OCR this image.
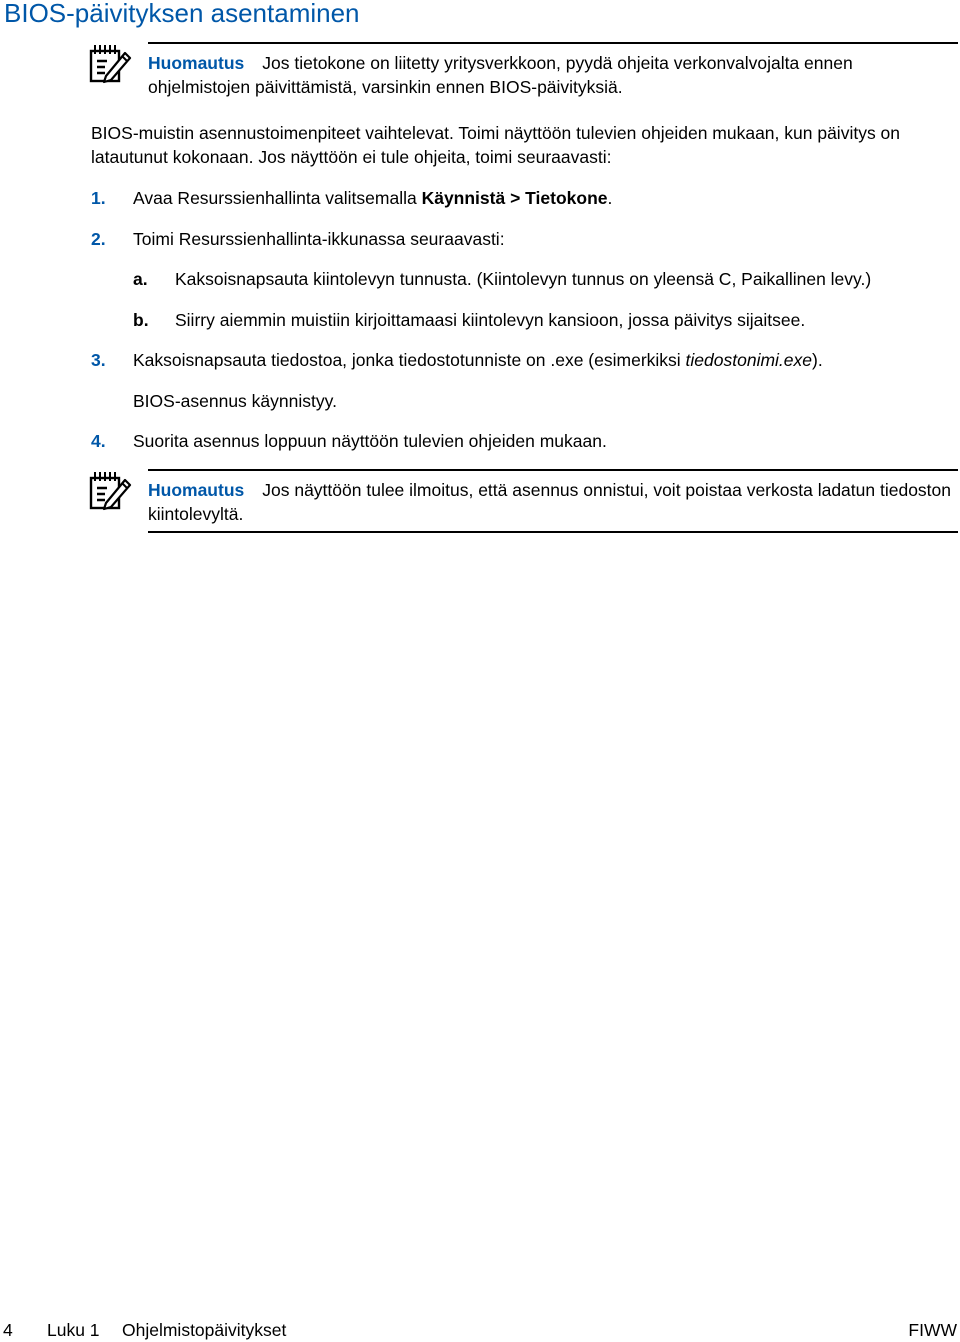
BIOS-päivityksen asentaminen
Huomautus Jos tietokone on liitetty yritysverkkoon, pyydä ohjeita verkonvalvojalta ennen ohjelmistojen päivittämistä, varsinkin ennen BIOS-päivityksiä.

BIOS-muistin asennustoimenpiteet vaihtelevat. Toimi näyttöön tulevien ohjeiden mukaan, kun päivitys on latautunut kokonaan. Jos näyttöön ei tule ohjeita, toimi seuraavasti:

1. Avaa Resurssienhallinta valitsemalla Käynnistä > Tietokone.
2. Toimi Resurssienhallinta-ikkunassa seuraavasti:
a. Kaksoisnapsauta kiintolevyn tunnusta. (Kiintolevyn tunnus on yleensä C, Paikallinen levy.)
b. Siirry aiemmin muistiin kirjoittamaasi kiintolevyn kansioon, jossa päivitys sijaitsee.
3. Kaksoisnapsauta tiedostoa, jonka tiedostotunniste on .exe (esimerkiksi tiedostonimi.exe).
BIOS-asennus käynnistyy.
4. Suorita asennus loppuun näyttöön tulevien ohjeiden mukaan.
Huomautus Jos näyttöön tulee ilmoitus, että asennus onnistui, voit poistaa verkosta ladatun tiedoston kiintolevyltä.
4 Luku 1 Ohjelmistopäivitykset	FIWW
